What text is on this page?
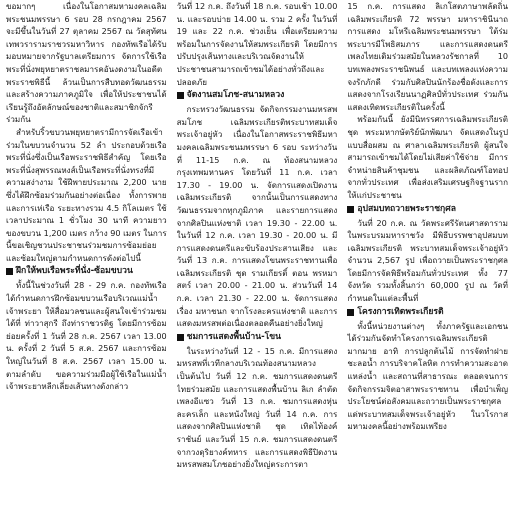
ขอมากๆ เนื่องในโอกาสมหามงคลเฉลิมพระชนมพรรษา 6 รอบ 28 กรกฎาคม 2567 จะมีขึ้นในวันที่ 27 ตุลาคม 2567 ณ วัดสุทัศนเทพวรารามราชวรมหาวิหาร กองทัพเรือได้รับมอบหมายจากรัฐบาลเตรียมการ จัดการใช้เรือพระที่นั่งพยุหยาตราชลมารคอันงดงามในอดีตพระราชพิธีนี้ ล้วนเป็นการสืบทอดวัฒนธรรมและสร้างความภาคภูมิใจ เพื่อให้ประชาชนได้เรียนรู้ถึงอัตลักษณ์ของชาติและสมาชิกจักรีร่วมกัน

สำหรับริ้วขบวนพยุหยาตรามีการจัดเรือเข้าร่วมในขบวนจำนวน 52 ลำ ประกอบด้วยเรือพระที่นั่งซึ่งเป็นเรือพระราชพิธีสำคัญ โดยเรือพระที่นั่งสุพรรณหงส์เป็นเรือพระที่นั่งทรงที่มีความสง่างาม ใช้ฝีพายประมาณ 2,200 นาย ซึ่งได้ฝึกซ้อมร่วมกันอย่างต่อเนื่อง ทั้งการพายและการเห่เรือ ระยะทางรวม 4.5 กิโลเมตร ใช้เวลาประมาณ 1 ชั่วโมง 30 นาที ความยาวของขบวน 1,200 เมตร กว้าง 90 เมตร ในการนี้ขอเชิญชวนประชาชนร่วมชมการซ้อมย่อยและซ้อมใหญ่ตามกำหนดการดังต่อไปนี้

ฝึกให้พบเรือพระที่นั่ง-ซ้อมขบวน

ทั้งนี้ในช่วงวันที่ 28 - 29 ก.ค. กองทัพเรือได้กำหนดการฝึกซ้อมขบวนเรือบริเวณแม่น้ำเจ้าพระยา ให้สื่อมวลชนและผู้สนใจเข้าร่วมชมได้ที่ ท่าวาสุกรี ถึงท่าราชวรดิฐ โดยมีการซ้อมย่อยครั้งที่ 1 วันที่ 28 ก.ค. 2567 เวลา 13.00 น. ครั้งที่ 2 วันที่ 5 ส.ค. 2567 และการซ้อมใหญ่ในวันที่ 8 ส.ค. 2567 เวลา 15.00 น. ตามลำดับ ขอความร่วมมือผู้ใช้เรือในแม่น้ำเจ้าพระยาหลีกเลี่ยงเส้นทางดังกล่าว

วันที่ 12 ก.ค. ถึงวันที่ 18 ก.ค. รอบเช้า 10.00 น. และรอบบ่าย 14.00 น. รวม 2 ครั้ง ในวันที่ 19 และ 22 ก.ค. ช่วงเย็น เพื่อเตรียมความพร้อมในการจัดงานให้สมพระเกียรติ โดยมีการปรับปรุงเส้นทางและบริเวณจัดงานให้ประชาชนสามารถเข้าชมได้อย่างทั่วถึงและปลอดภัย

จัดงานสมโภช-สนามหลวง

กระทรวงวัฒนธรรม จัดกิจกรรมงานมหรสพสมโภช เฉลิมพระเกียรติพระบาทสมเด็จพระเจ้าอยู่หัว เนื่องในโอกาสพระราชพิธีมหามงคลเฉลิมพระชนมพรรษา 6 รอบ ระหว่างวันที่ 11-15 ก.ค. ณ ท้องสนามหลวง กรุงเทพมหานคร โดยวันที่ 11 ก.ค. เวลา 17.30 - 19.00 น. จัดการแสดงเปิดงานเฉลิมพระเกียรติ จากนั้นเป็นการแสดงทางวัฒนธรรมจากทุกภูมิภาค และรายการแสดงจากศิลปินแห่งชาติ เวลา 19.30 - 22.00 น. ในวันที่ 12 ก.ค. เวลา 19.30 - 20.00 น. มีการแสดงดนตรีและขับร้องประสานเสียง และวันที่ 13 ก.ค. การแสดงโขนพระราชทานเพื่อเฉลิมพระเกียรติ ชุด รามเกียรติ์ ตอน พรหมาสตร์ เวลา 20.00 - 21.00 น. ส่วนวันที่ 14 ก.ค. เวลา 21.30 - 22.00 น. จัดการแสดงเรื่อง มหาชนก จากโรงละครแห่งชาติ และการแสดงมหรสพต่อเนื่องตลอดคืนอย่างยิ่งใหญ่

ชมการแสดงพื้นบ้าน-โขน

ในระหว่างวันที่ 12 - 15 ก.ค. มีการแสดงมหรสพที่เวทีกลางบริเวณท้องสนามหลวง เป็นต้นไป วันที่ 12 ก.ค. ชมการแสดงดนตรีไทยร่วมสมัย และการแสดงพื้นบ้าน ลิเก ลำตัด เพลงอีแซว วันที่ 13 ก.ค. ชมการแสดงหุ่นละครเล็ก และหนังใหญ่ วันที่ 14 ก.ค. การแสดงจากศิลปินแห่งชาติ ชุด เทิดไท้องค์ราชันย์ และวันที่ 15 ก.ค. ชมการแสดงดนตรีจากวงดุริยางค์ทหาร และการแสดงพิธีปิดงานมหรสพสมโภชอย่างยิ่งใหญ่ตระการตา

15 ก.ค. การแสดง ลิเกโสตภาษาพลัดถิ่นเฉลิมพระเกียรติ 72 พรรษา มหาราชินีนาถ การแสดง มโหรีเฉลิมพระชนมพรรษา ใต้ร่มพระบารมีโพธิสมภาร และการแสดงดนตรี เพลงไทยเดิมร่วมสมัยในหลวงรัชกาลที่ 10 บทเพลงพระราชนิพนธ์ และบทเพลงแห่งความจงรักภักดี ร่วมกับศิลปินนักร้องชื่อดังและการแสดงจากโรงเรียนนาฏศิลป์ทั่วประเทศ ร่วมกันแสดงเทิดพระเกียรติในครั้งนี้

พร้อมกันนี้ ยังมีนิทรรศการเฉลิมพระเกียรติ ชุด พระมหากษัตริย์นักพัฒนา จัดแสดงในรูปแบบสื่อผสม ณ ศาลาเฉลิมพระเกียรติ ผู้สนใจสามารถเข้าชมได้โดยไม่เสียค่าใช้จ่าย มีการจำหน่ายสินค้าชุมชน และผลิตภัณฑ์โอทอปจากทั่วประเทศ เพื่อส่งเสริมเศรษฐกิจฐานรากให้แก่ประชาชน

อุปสมบทถวายพระราชกุศล

วันที่ 20 ก.ค. ณ วัดพระศรีรัตนศาสดาราม ในพระบรมมหาราชวัง มีพิธีบรรพชาอุปสมบทเฉลิมพระเกียรติ พระบาทสมเด็จพระเจ้าอยู่หัว จำนวน 2,567 รูป เพื่อถวายเป็นพระราชกุศล โดยมีการจัดพิธีพร้อมกันทั่วประเทศ ทั้ง 77 จังหวัด รวมทั้งสิ้นกว่า 60,000 รูป ณ วัดที่กำหนดในแต่ละพื้นที่

โครงการเทิดพระเกียรติ

ทั้งนี้หน่วยงานต่างๆ ทั้งภาครัฐและเอกชน ได้ร่วมกันจัดทำโครงการเฉลิมพระเกียรติมากมาย อาทิ การปลูกต้นไม้ การจัดทำฝายชะลอน้ำ การบริจาคโลหิต การทำความสะอาดแหล่งน้ำ และสถานที่สาธารณะ ตลอดจนการจัดกิจกรรมจิตอาสาพระราชทาน เพื่อบำเพ็ญประโยชน์ต่อสังคมและถวายเป็นพระราชกุศลแด่พระบาทสมเด็จพระเจ้าอยู่หัว ในวโรกาสมหามงคลนี้อย่างพร้อมเพรียง
